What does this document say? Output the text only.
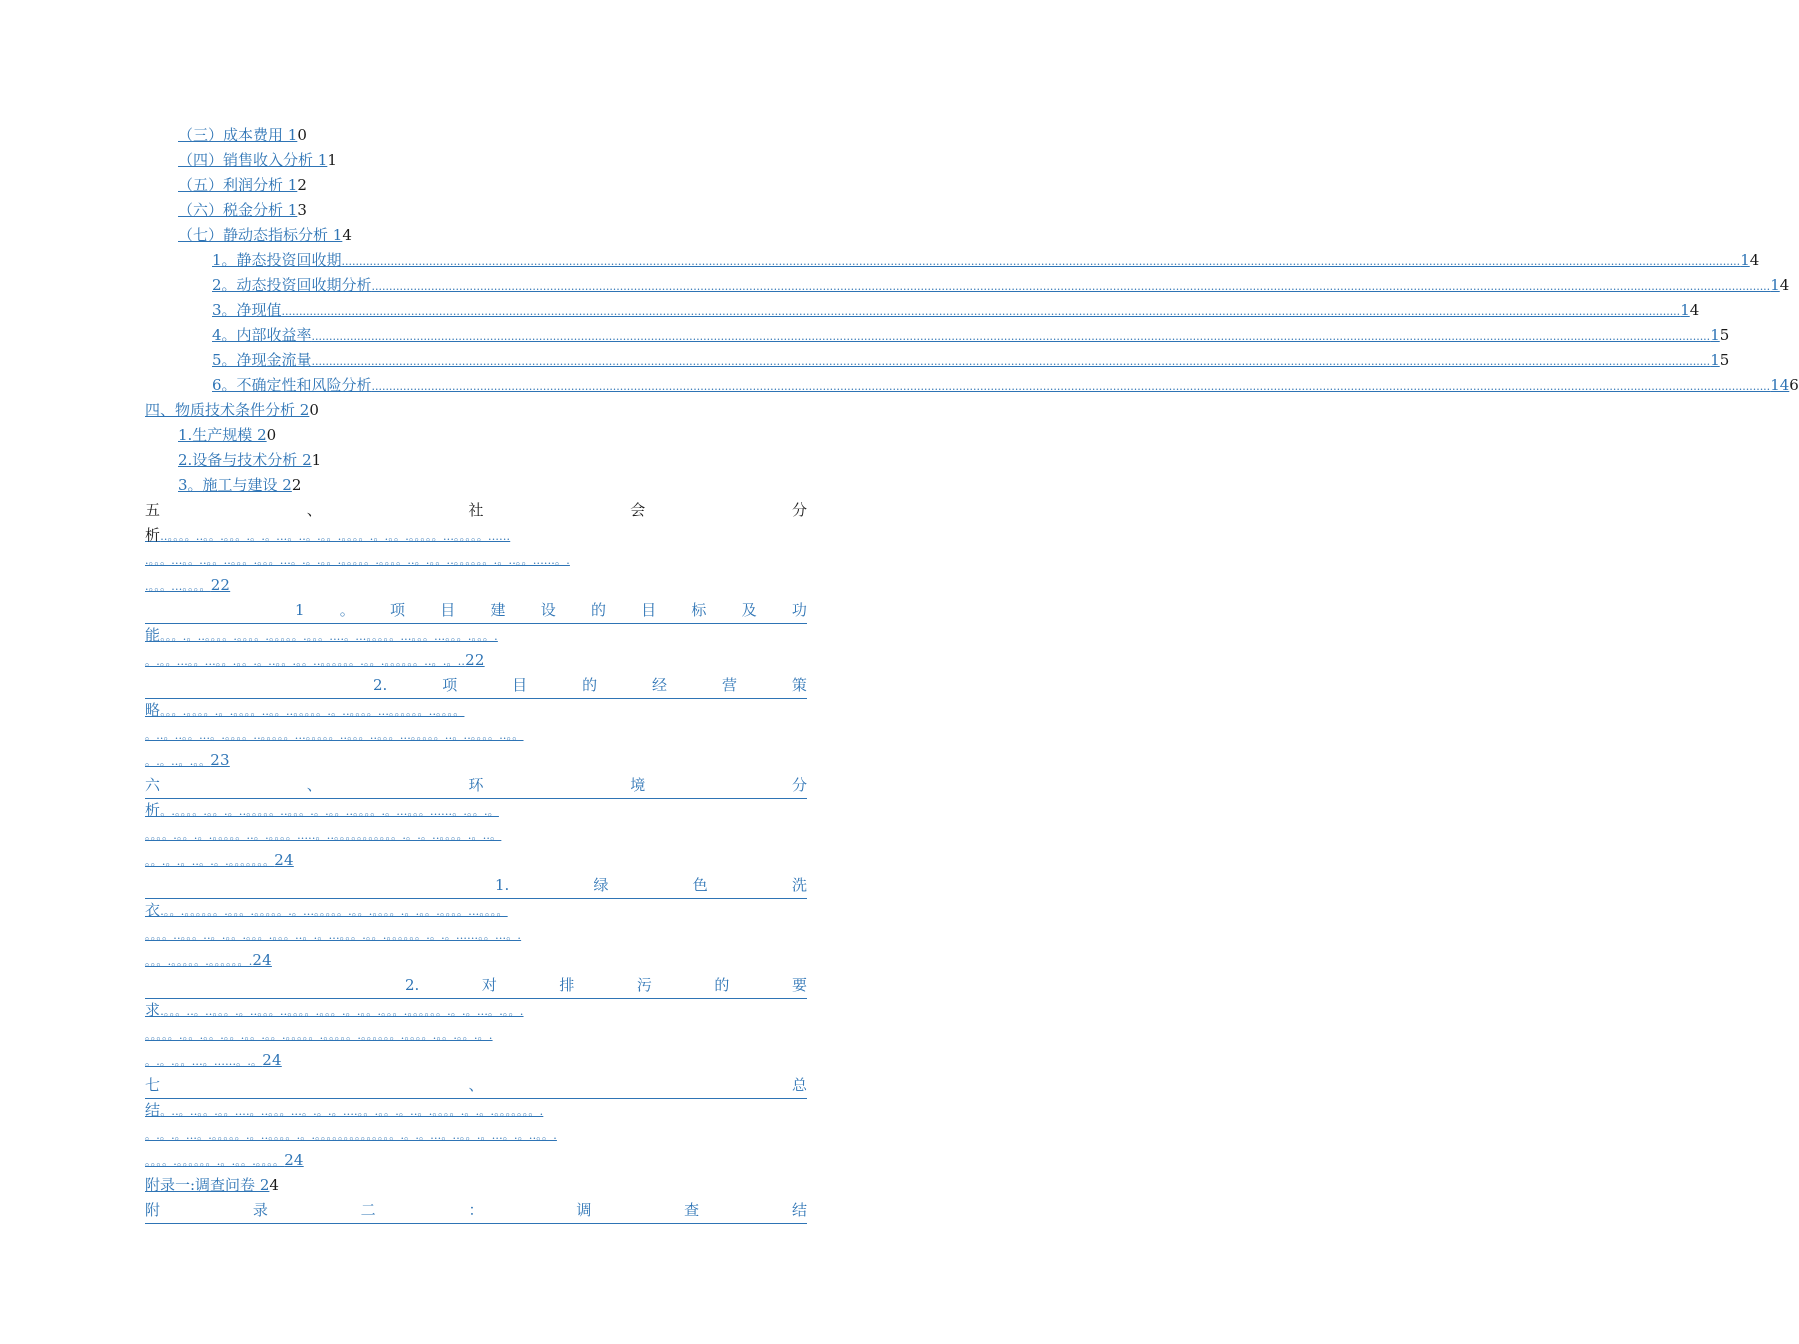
（三）成本费用 10
（四）销售收入分析 11
（五）利润分析 12
（六）税金分析 13
（七）静动态指标分析 14
1。静态投资回收期 ................................................................................................................................................................................................................................................................................................................................................................................................................ 1 4
2。动态投资回收期分析 ................................................................................................................................................................................................................................................................................................................................................................................................................ 1 4
3。净现值 ................................................................................................................................................................................................................................................................................................................................................................................................................ 1 4
4。内部收益率 ................................................................................................................................................................................................................................................................................................................................................................................................................ 1 5
5。净现金流量 ................................................................................................................................................................................................................................................................................................................................................................................................................ 1 5
6。不确定性和风险分析 ................................................................................................................................................................................................................................................................................................................................................................................................................ 14 6
四、物质技术条件分析 20
1.生产规模 20
2.设备与技术分析 21
3。施工与建设 22
五	、	社	会	分
析..。。。。..。。.。。。.。.。...。..。.。。.。。。。.。.。。.。。。。。...。。。。。......
.。。。...。。..。。..。。。.。。。...。.。.。。.。。。。。.。。。。..。.。。..。。。。。。.。..。。......。.
.。。。...。。。。22
1 。 项 目 建 设 的 目 标 及 功
能。。。.。..。。。。.。。。。.。。。。。.。。。....。...。。。。。...。。。...。。。.。。。.
。.。。...。。...。。.。。.。..。。.。。..。。。。。。.。。.。。。。。。..。.。..22
2.	项	目	的	经	营	策
略。。。.。。。。.。.。。。。..。。..。。。。。.。..。。。。...。。。。。。..。。。。
。..。..。。...。.。。。。..。。。。。...。。。。。..。。。..。。。...。。。。。..。..。。。。..。。
。.。..。.。。23
六	、	环	境	分
析。.。。。。.。。.。..。。。。。..。。。.。.。。..。。。。.。...。。。......。.。。.。
。。。。.。。.。.。。。。。..。.。。。。.....。..。。。。。。。。。。。.。.。..。。。。.。..。
。。.。.。..。.。.。。。。。。。24
1.	绿	色	洗
衣.。。.。。。。。。.。。。.。。。。。.。...。。。。。.。。.。。。。.。.。。.。。。。...。。。。
。。。。..。。。..。.。。.。。。.。。。..。.。...。。。.。。.。。。。。。.。.。......。。...。.
。。。.。。。。。.。。。。。。.24
2.	对	排	污	的	要
求.。。。..。..。。。.。..。。。..。。。。.。。。.。.。。.。。。.。。。。。。.。.。...。.。。.
。。。。。.。。.。。.。。.。。.。。.。。。。。.。。。。。.。。。。。。.。。。。.。。.。。.。.
。.。.。。...。......。.。24
七	、	总
结。..。..。。.。。....。..。。。...。.。.。....。。.。。.。..。.。。。。.。.。.。。。。。。。.
。.。.。...。.。。。。。.。..。。。。.。.。。。。。。。。。。。。。。.。.。...。..。。.。...。.。..。。.
。。。。.。。。。。。.。.。。.。。。。24
附录一:调查问卷 24
附	录	二	：	调	查	结
